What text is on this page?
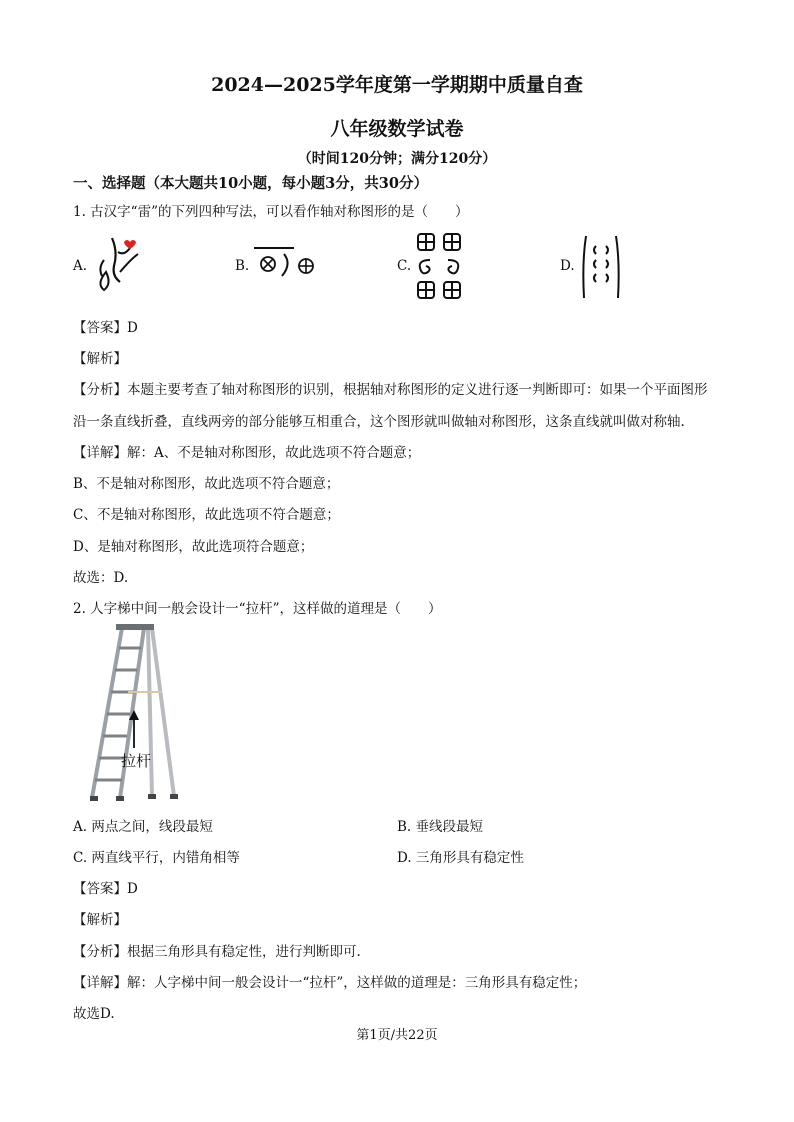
2024—2025学年度第一学期期中质量自查
八年级数学试卷
（时间120分钟；满分120分）
一、选择题（本大题共10小题，每小题3分，共30分）
1. 古汉字“雷”的下列四种写法，可以看作轴对称图形的是（　　）
A.	B.	C.	D.
【答案】D
【解析】
【分析】本题主要考查了轴对称图形的识别，根据轴对称图形的定义进行逐一判断即可：如果一个平面图形
沿一条直线折叠，直线两旁的部分能够互相重合，这个图形就叫做轴对称图形，这条直线就叫做对称轴.
【详解】解：A、不是轴对称图形，故此选项不符合题意；
B、不是轴对称图形，故此选项不符合题意；
C、不是轴对称图形，故此选项不符合题意；
D、是轴对称图形，故此选项符合题意；
故选：D.
2. 人字梯中间一般会设计一“拉杆”，这样做的道理是（　　）
拉杆
A. 两点之间，线段最短	B. 垂线段最短
C. 两直线平行，内错角相等	D. 三角形具有稳定性
【答案】D
【解析】
【分析】根据三角形具有稳定性，进行判断即可.
【详解】解：人字梯中间一般会设计一“拉杆”，这样做的道理是：三角形具有稳定性；
故选D.
第1页/共22页
